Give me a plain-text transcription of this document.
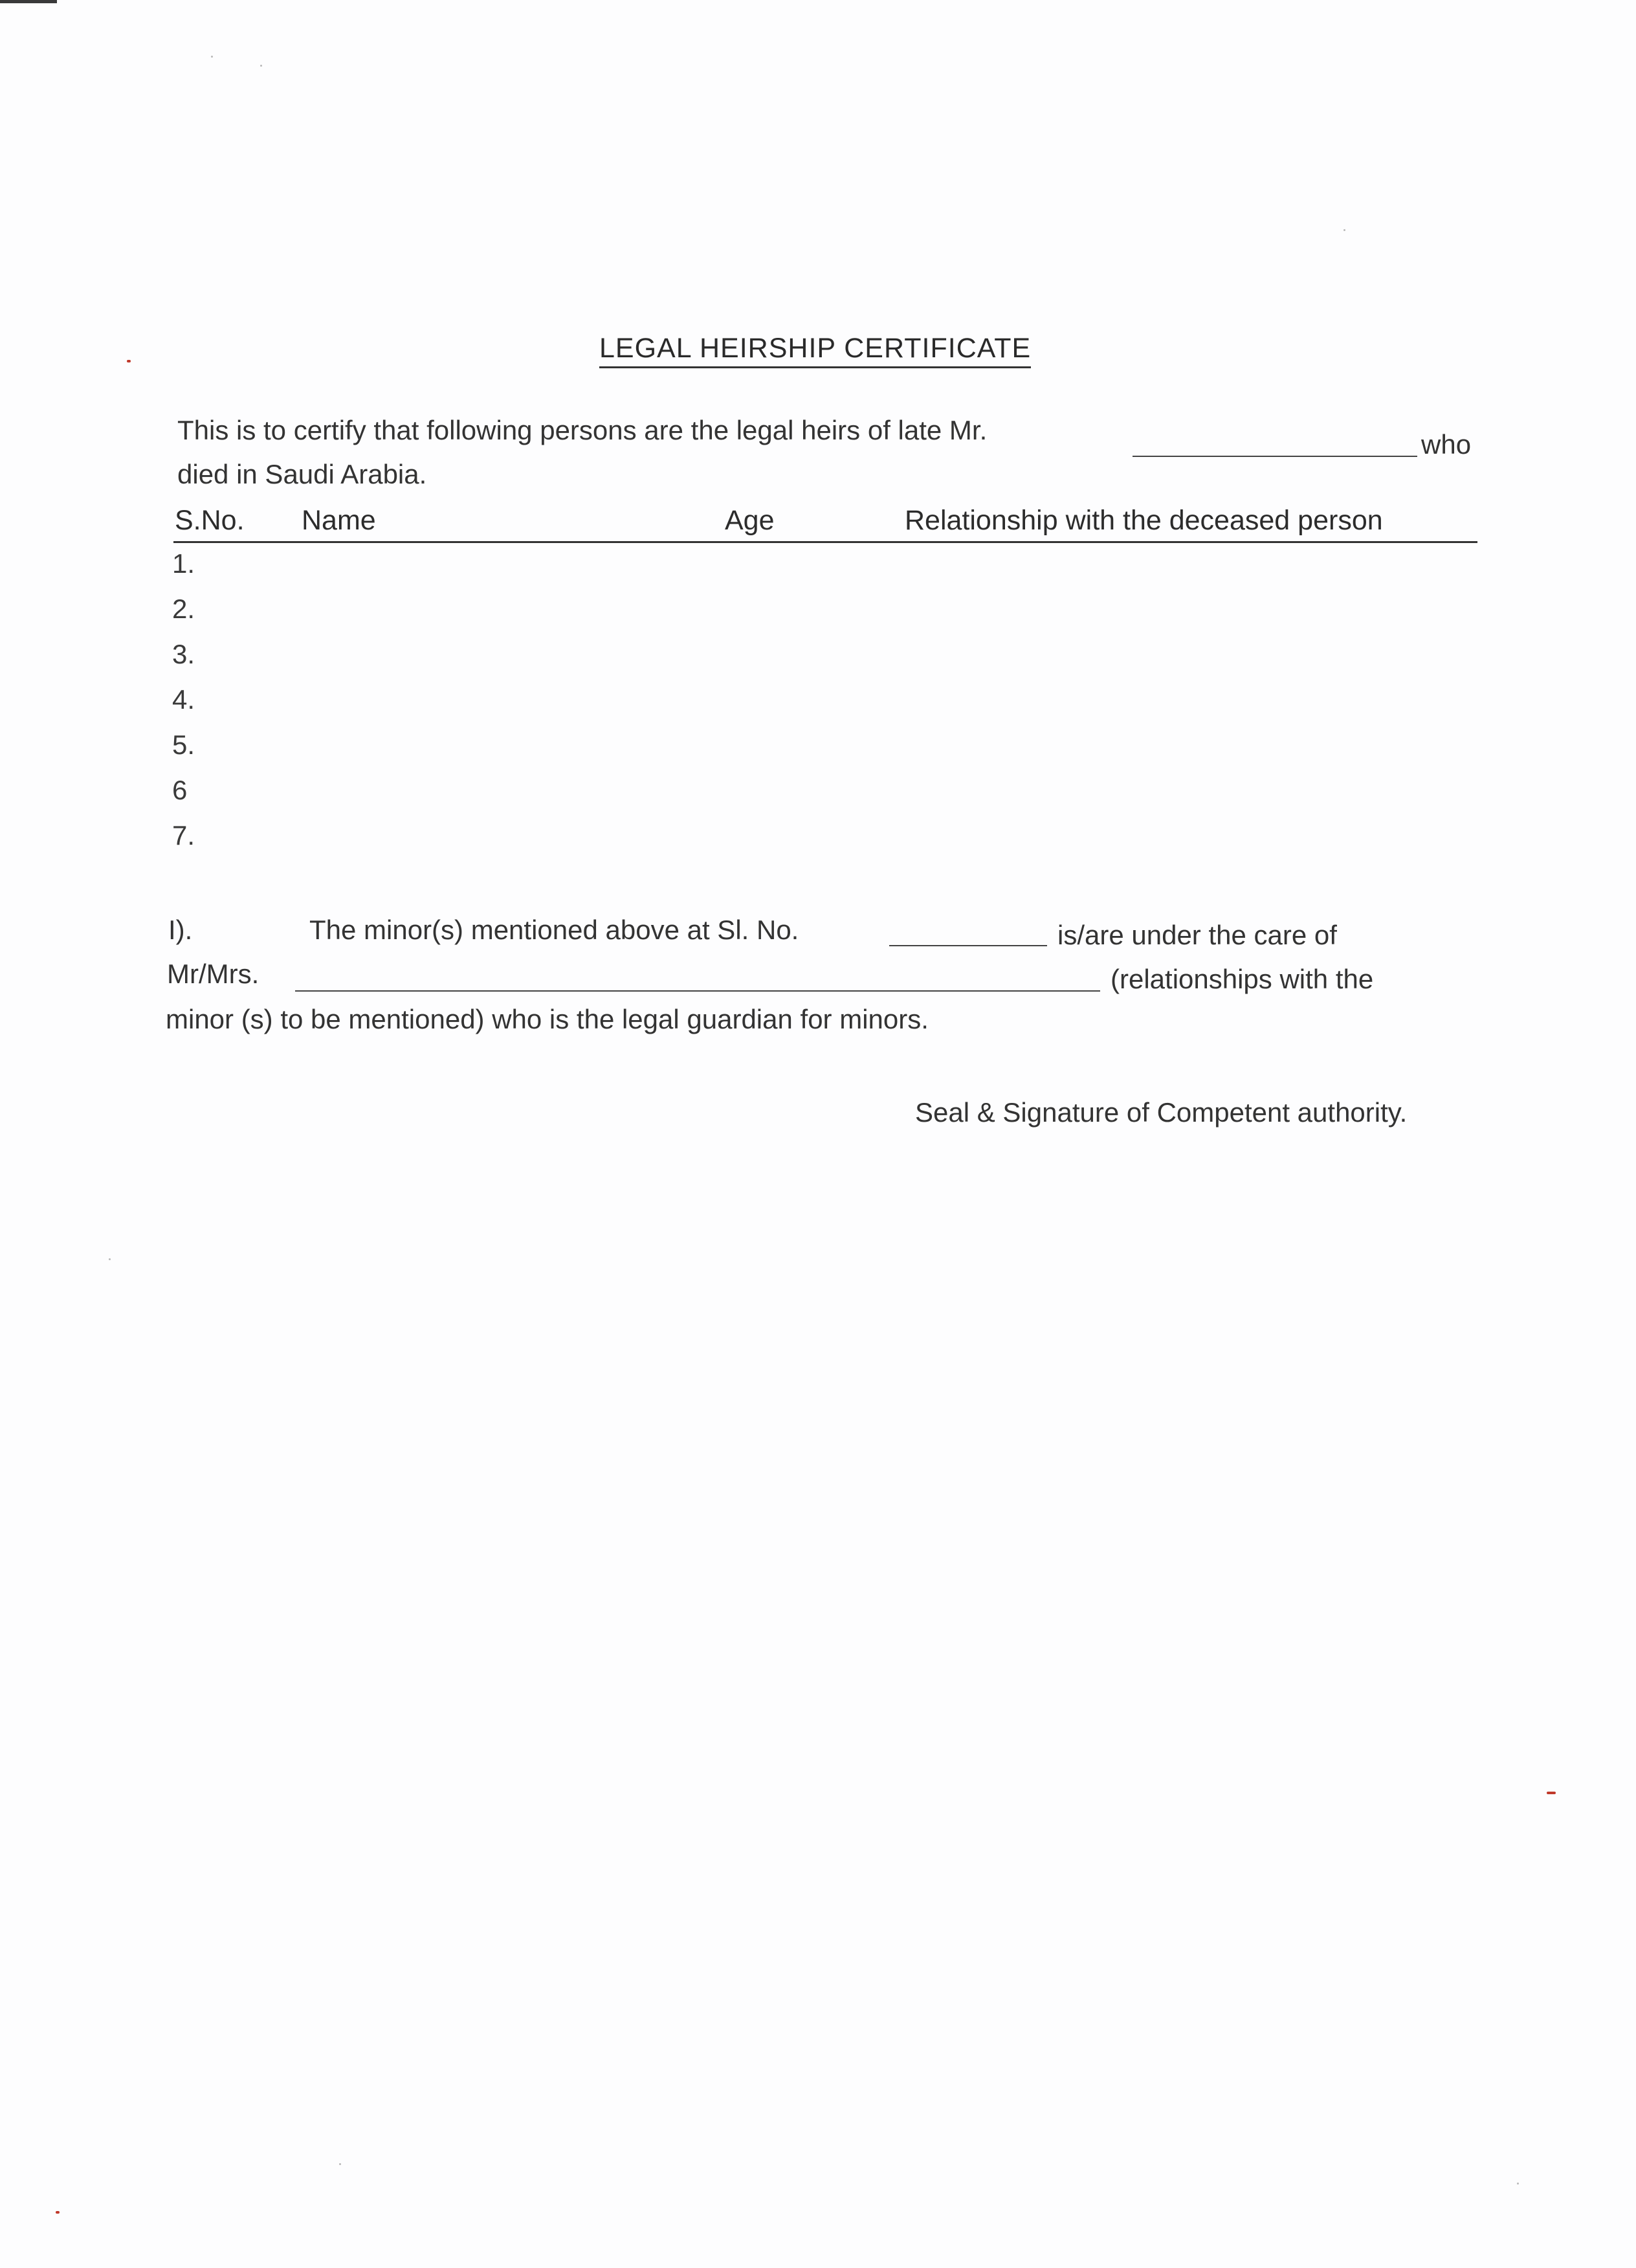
LEGAL HEIRSHIP CERTIFICATE
This is to certify that following persons are the legal heirs of late Mr.	who
died in Saudi Arabia.
S.No. Name	Age	Relationship with the deceased person
1.
2.
3.
4.
5.
6
7.
I).	The minor(s) mentioned above at Sl. No.	is/are under the care of
Mr/Mrs.	(relationships with the
minor (s) to be mentioned) who is the legal guardian for minors.
Seal & Signature of Competent authority.
